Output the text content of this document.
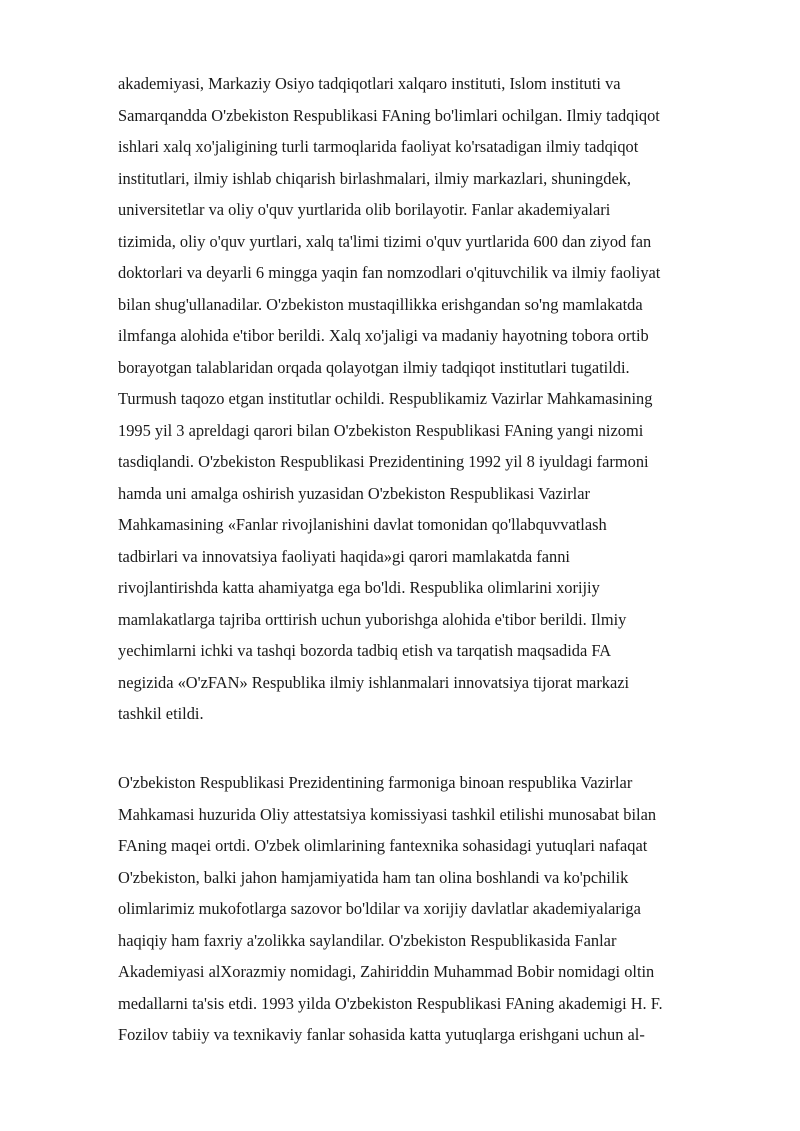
akademiyasi, Markaziy Osiyo tadqiqotlari xalqaro instituti, Islom instituti va
Samarqandda O'zbekiston Respublikasi FAning bo'limlari ochilgan. Ilmiy tadqiqot
ishlari xalq xo'jaligining turli tarmoqlarida faoliyat ko'rsatadigan ilmiy tadqiqot
institutlari, ilmiy ishlab chiqarish birlashmalari, ilmiy markazlari, shuningdek,
universitetlar va oliy o'quv yurtlarida olib borilayotir. Fanlar akademiyalari
tizimida, oliy o'quv yurtlari, xalq ta'limi tizimi o'quv yurtlarida 600 dan ziyod fan
doktorlari va deyarli 6 mingga yaqin fan nomzodlari o'qituvchilik va ilmiy faoliyat
bilan shug'ullanadilar. O'zbekiston mustaqillikka erishgandan so'ng mamlakatda
ilmfanga alohida e'tibor berildi. Xalq xo'jaligi va madaniy hayotning tobora ortib
borayotgan talablaridan orqada qolayotgan ilmiy tadqiqot institutlari tugatildi.
Turmush taqozo etgan institutlar ochildi. Respublikamiz Vazirlar Mahkamasining
1995 yil 3 apreldagi qarori bilan O'zbekiston Respublikasi FAning yangi nizomi
tasdiqlandi. O'zbekiston Respublikasi Prezidentining 1992 yil 8 iyuldagi farmoni
hamda uni amalga oshirish yuzasidan O'zbekiston Respublikasi Vazirlar
Mahkamasining «Fanlar rivojlanishini davlat tomonidan qo'llabquvvatlash
tadbirlari va innovatsiya faoliyati haqida»gi qarori mamlakatda fanni
rivojlantirishda katta ahamiyatga ega bo'ldi. Respublika olimlarini xorijiy
mamlakatlarga tajriba orttirish uchun yuborishga alohida e'tibor berildi. Ilmiy
yechimlarni ichki va tashqi bozorda tadbiq etish va tarqatish maqsadida FA
negizida «O'zFAN» Respublika ilmiy ishlanmalari innovatsiya tijorat markazi
tashkil etildi.
O'zbekiston Respublikasi Prezidentining farmoniga binoan respublika Vazirlar
Mahkamasi huzurida Oliy attestatsiya komissiyasi tashkil etilishi munosabat bilan
FAning maqei ortdi. O'zbek olimlarining fantexnika sohasidagi yutuqlari nafaqat
O'zbekiston, balki jahon hamjamiyatida ham tan olina boshlandi va ko'pchilik
olimlarimiz mukofotlarga sazovor bo'ldilar va xorijiy davlatlar akademiyalariga
haqiqiy ham faxriy a'zolikka saylandilar. O'zbekiston Respublikasida Fanlar
Akademiyasi alXorazmiy nomidagi, Zahiriddin Muhammad Bobir nomidagi oltin
medallarni ta'sis etdi. 1993 yilda O'zbekiston Respublikasi FAning akademigi H. F.
Fozilov tabiiy va texnikaviy fanlar sohasida katta yutuqlarga erishgani uchun al-
